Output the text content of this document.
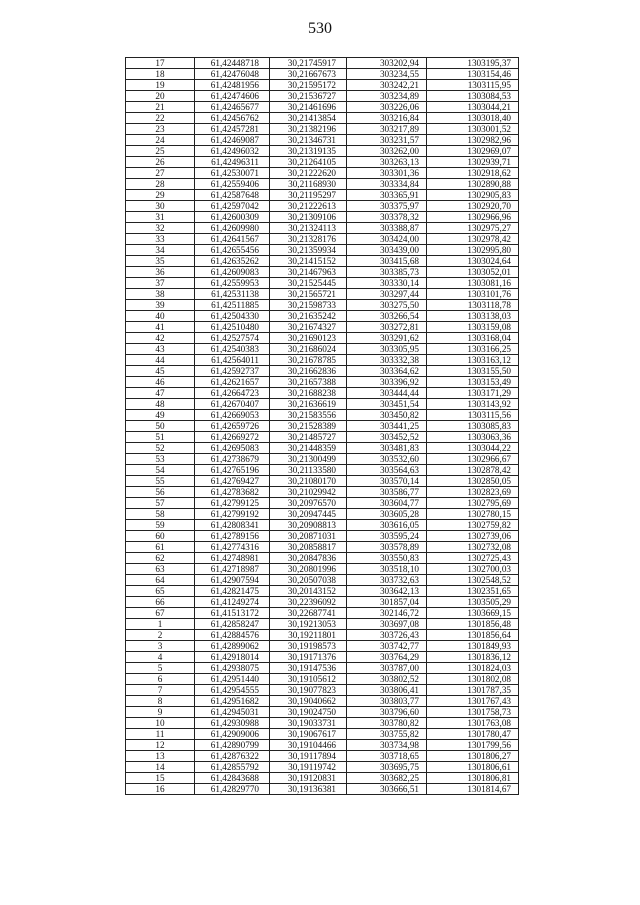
530
17	61,42448718	30,21745917	303202,94	1303195,37
18	61,42476048	30,21667673	303234,55	1303154,46
19	61,42481956	30,21595172	303242,21	1303115,95
20	61,42474606	30,21536727	303234,89	1303084,53
21	61,42465677	30,21461696	303226,06	1303044,21
22	61,42456762	30,21413854	303216,84	1303018,40
23	61,42457281	30,21382196	303217,89	1303001,52
24	61,42469087	30,21346731	303231,57	1302982,96
25	61,42496032	30,21319135	303262,00	1302969,07
26	61,42496311	30,21264105	303263,13	1302939,71
27	61,42530071	30,21222620	303301,36	1302918,62
28	61,42559406	30,21168930	303334,84	1302890,88
29	61,42587648	30,21195297	303365,91	1302905,83
30	61,42597042	30,21222613	303375,97	1302920,70
31	61,42600309	30,21309106	303378,32	1302966,96
32	61,42609980	30,21324113	303388,87	1302975,27
33	61,42641567	30,21328176	303424,00	1302978,42
34	61,42655456	30,21359934	303439,00	1302995,80
35	61,42635262	30,21415152	303415,68	1303024,64
36	61,42609083	30,21467963	303385,73	1303052,01
37	61,42559953	30,21525445	303330,14	1303081,16
38	61,42531138	30,21565721	303297,44	1303101,76
39	61,42511885	30,21598733	303275,50	1303118,78
40	61,42504330	30,21635242	303266,54	1303138,03
41	61,42510480	30,21674327	303272,81	1303159,08
42	61,42527574	30,21690123	303291,62	1303168,04
43	61,42540383	30,21686024	303305,95	1303166,25
44	61,42564011	30,21678785	303332,38	1303163,12
45	61,42592737	30,21662836	303364,62	1303155,50
46	61,42621657	30,21657388	303396,92	1303153,49
47	61,42664723	30,21688238	303444,44	1303171,29
48	61,42670407	30,21636619	303451,54	1303143,92
49	61,42669053	30,21583556	303450,82	1303115,56
50	61,42659726	30,21528389	303441,25	1303085,83
51	61,42669272	30,21485727	303452,52	1303063,36
52	61,42695083	30,21448359	303481,83	1303044,22
53	61,42738679	30,21300499	303532,60	1302966,67
54	61,42765196	30,21133580	303564,63	1302878,42
55	61,42769427	30,21080170	303570,14	1302850,05
56	61,42783682	30,21029942	303586,77	1302823,69
57	61,42799125	30,20976570	303604,77	1302795,69
58	61,42799192	30,20947445	303605,28	1302780,15
59	61,42808341	30,20908813	303616,05	1302759,82
60	61,42789156	30,20871031	303595,24	1302739,06
61	61,42774316	30,20858817	303578,89	1302732,08
62	61,42748981	30,20847836	303550,83	1302725,43
63	61,42718987	30,20801996	303518,10	1302700,03
64	61,42907594	30,20507038	303732,63	1302548,52
65	61,42821475	30,20143152	303642,13	1302351,65
66	61,41249274	30,22396092	301857,04	1303505,29
67	61,41513172	30,22687741	302146,72	1303669,15
1	61,42858247	30,19213053	303697,08	1301856,48
2	61,42884576	30,19211801	303726,43	1301856,64
3	61,42899062	30,19198573	303742,77	1301849,93
4	61,42918014	30,19171376	303764,29	1301836,12
5	61,42938075	30,19147536	303787,00	1301824,03
6	61,42951440	30,19105612	303802,52	1301802,08
7	61,42954555	30,19077823	303806,41	1301787,35
8	61,42951682	30,19040662	303803,77	1301767,43
9	61,42945031	30,19024750	303796,60	1301758,73
10	61,42930988	30,19033731	303780,82	1301763,08
11	61,42909006	30,19067617	303755,82	1301780,47
12	61,42890799	30,19104466	303734,98	1301799,56
13	61,42876322	30,19117894	303718,65	1301806,27
14	61,42855792	30,19119742	303695,75	1301806,61
15	61,42843688	30,19120831	303682,25	1301806,81
16	61,42829770	30,19136381	303666,51	1301814,67
